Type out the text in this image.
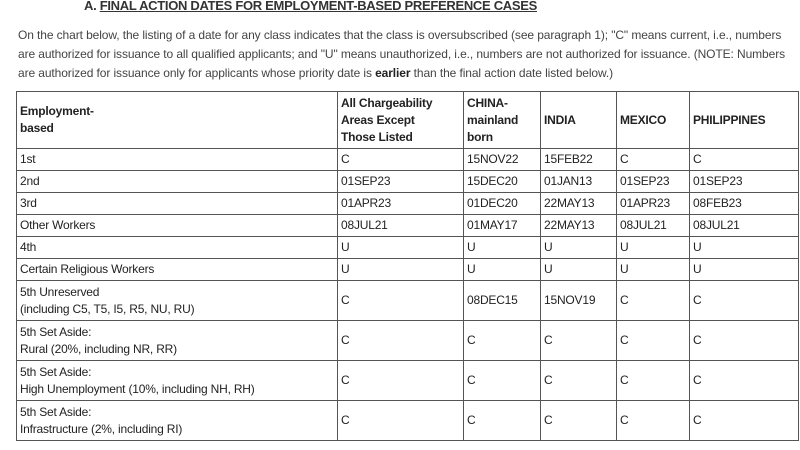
A. FINAL ACTION DATES FOR EMPLOYMENT-BASED PREFERENCE CASES

On the chart below, the listing of a date for any class indicates that the class is oversubscribed (see paragraph 1); "C" means current, i.e., numbers are authorized for issuance to all qualified applicants; and "U" means unauthorized, i.e., numbers are not authorized for issuance. (NOTE: Numbers are authorized for issuance only for applicants whose priority date is earlier than the final action date listed below.)

Employment-
based	All Chargeability
Areas Except
Those Listed	CHINA-
mainland
born	INDIA	MEXICO	PHILIPPINES

1st	C	15NOV22	15FEB22	C	C

2nd	01SEP23	15DEC20	01JAN13	01SEP23	01SEP23

3rd	01APR23	01DEC20	22MAY13	01APR23	08FEB23

Other Workers	08JUL21	01MAY17	22MAY13	08JUL21	08JUL21

4th	U	U	U	U	U

Certain Religious Workers	U	U	U	U	U

5th Unreserved
(including C5, T5, I5, R5, NU, RU)	C	08DEC15	15NOV19	C	C

5th Set Aside:
Rural (20%, including NR, RR)	C	C	C	C	C

5th Set Aside:
High Unemployment (10%, including NH, RH)	C	C	C	C	C

5th Set Aside:
Infrastructure (2%, including RI)	C	C	C	C	C
